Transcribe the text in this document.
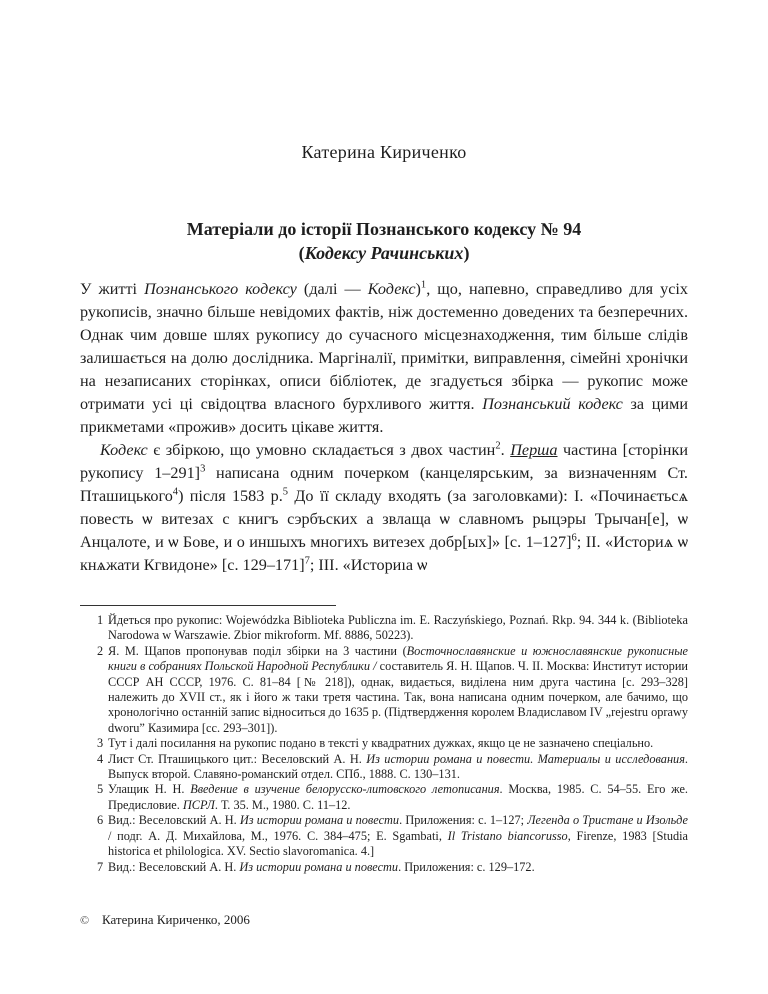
Катерина Кириченко
Матеріали до історії Познанського кодексу № 94
(Кодексу Рачинських)

У житті Познанського кодексу (далі — Кодекс)$^1$, що, напевно, справедливо для усіх рукописів, значно більше невідомих фактів, ніж достеменно доведених та безперечних. Однак чим довше шлях рукопису до сучасного місцезнаходження, тим більше слідів залишається на долю дослідника. Маргіналії, примітки, виправлення, сімейні хронічки на незаписаних сторінках, описи бібліотек, де згадується збірка — рукопис може отримати усі ці свідоцтва власного бурхливого життя. Познанський кодекс за цими прикметами «прожив» досить цікаве життя.

Кодекс є збіркою, що умовно складається з двох частин$^2$. Перша частина [сторінки рукопису 1–291]$^3$ написана одним почерком (канцелярським, за визначенням Ст. Пташицького$^4$) після 1583 р.$^5$ До її складу входять (за заголовками): I. «Починаєтьсѧ повесть ѡ витезах с книгъ сэрбъских а звлаща ѡ славномъ рыцэры Трычан[е], ѡ Анцалоте, и ѡ Бове, и о иншыхъ многихъ витезех добр[ых]» [с. 1–127]$^6$; II. «Историѧ ѡ кнѧжати Кгвидоне» [с. 129–171]$^7$; III. «Историıа ѡ

1 Йдеться про рукопис: Wojewódzka Biblioteka Publiczna im. E. Raczyńskiego, Poznań. Rkp. 94. 344 k. (Biblioteka Narodowa w Warszawie. Zbior mikroform. Mf. 8886, 50223).
2 Я. М. Щапов пропонував поділ збірки на 3 частини (Восточнославянские и южнославянские рукописные книги в собраниях Польской Народной Республики / составитель Я. Н. Щапов. Ч. II. Москва: Институт истории СССР АН СССР, 1976. С. 81–84 [№ 218]), однак, видається, виділена ним друга частина [с. 293–328] належить до XVII ст., як і його ж таки третя частина. Так, вона написана одним почерком, але бачимо, що хронологічно останній запис відноситься до 1635 р. (Підтвердження королем Владиславом IV „rejestru oprawy dworu” Казимира [сс. 293–301]).
3 Тут і далі посилання на рукопис подано в тексті у квадратних дужках, якщо це не зазначено спеціально.
4 Лист Ст. Пташицького цит.: Веселовский А. Н. Из истории романа и повести. Материалы и исследования. Выпуск второй. Славяно-романский отдел. СПб., 1888. С. 130–131.
5 Улащик Н. Н. Введение в изучение белорусско-литовского летописания. Москва, 1985. С. 54–55. Его же. Предисловие. ПСРЛ. Т. 35. М., 1980. С. 11–12.
6 Вид.: Веселовский А. Н. Из истории романа и повести. Приложения: с. 1–127; Легенда о Тристане и Изольде / подг. А. Д. Михайлова, М., 1976. С. 384–475; E. Sgambati, Il Tristano biancorusso, Firenze, 1983 [Studia historica et philologica. XV. Sectio slavoromanica. 4.]
7 Вид.: Веселовский А. Н. Из истории романа и повести. Приложения: с. 129–172.
© Катерина Кириченко, 2006
